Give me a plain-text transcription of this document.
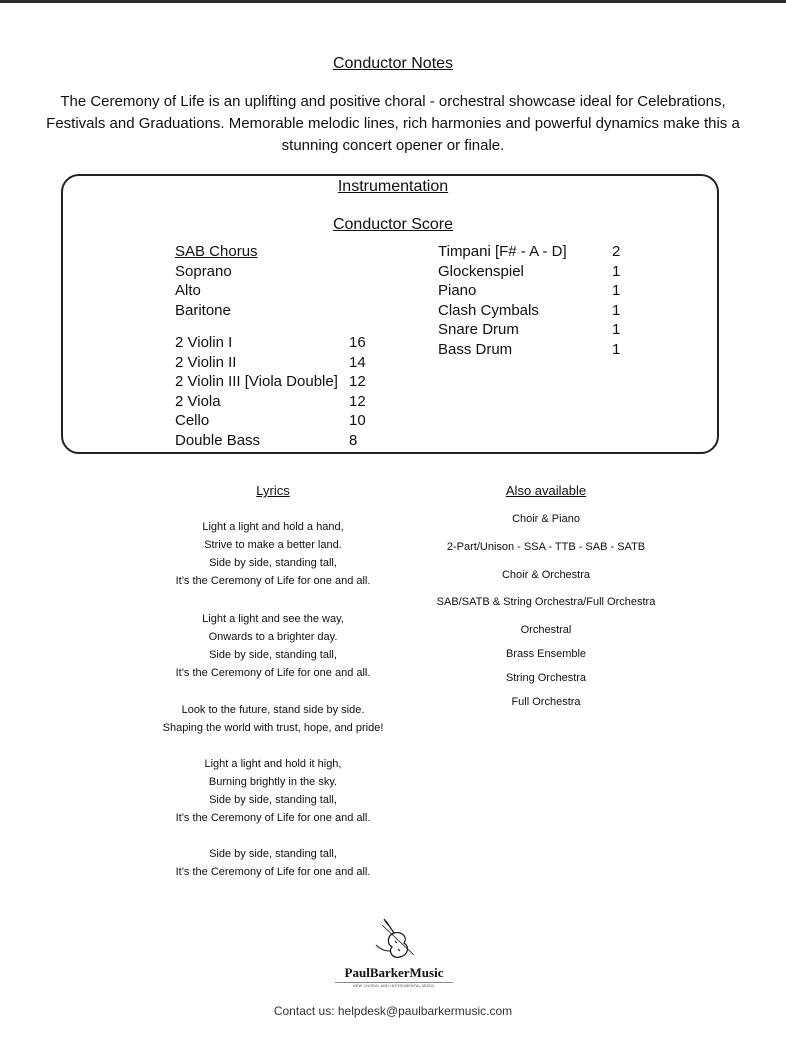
Conductor Notes
The Ceremony of Life is an uplifting and positive choral - orchestral showcase ideal for Celebrations, Festivals and Graduations. Memorable melodic lines, rich harmonies and powerful dynamics make this a stunning concert opener or finale.
Instrumentation
Conductor Score
SAB Chorus
Soprano
Alto
Baritone
2 Violin I	16
2 Violin II	14
2 Violin III [Viola Double] 12
2 Viola	12
Cello	10
Double Bass	8
Timpani [F# - A - D]	2
Glockenspiel	1
Piano	1
Clash Cymbals	1
Snare Drum	1
Bass Drum	1
Lyrics
Light a light and hold a hand,
Strive to make a better land.
Side by side, standing tall,
It’s the Ceremony of Life for one and all.
Light a light and see the way,
Onwards to a brighter day.
Side by side, standing tall,
It’s the Ceremony of Life for one and all.
Look to the future, stand side by side.
Shaping the world with trust, hope, and pride!
Light a light and hold it high,
Burning brightly in the sky.
Side by side, standing tall,
It’s the Ceremony of Life for one and all.
Side by side, standing tall,
It’s the Ceremony of Life for one and all.
Also available
Choir & Piano
2-Part/Unison - SSA - TTB - SAB - SATB
Choir & Orchestra
SAB/SATB & String Orchestra/Full Orchestra
Orchestral
Brass Ensemble
String Orchestra
Full Orchestra
PaulBarkerMusic
NEW CHORAL AND INSTRUMENTAL MUSIC
Contact us: helpdesk@paulbarkermusic.com
